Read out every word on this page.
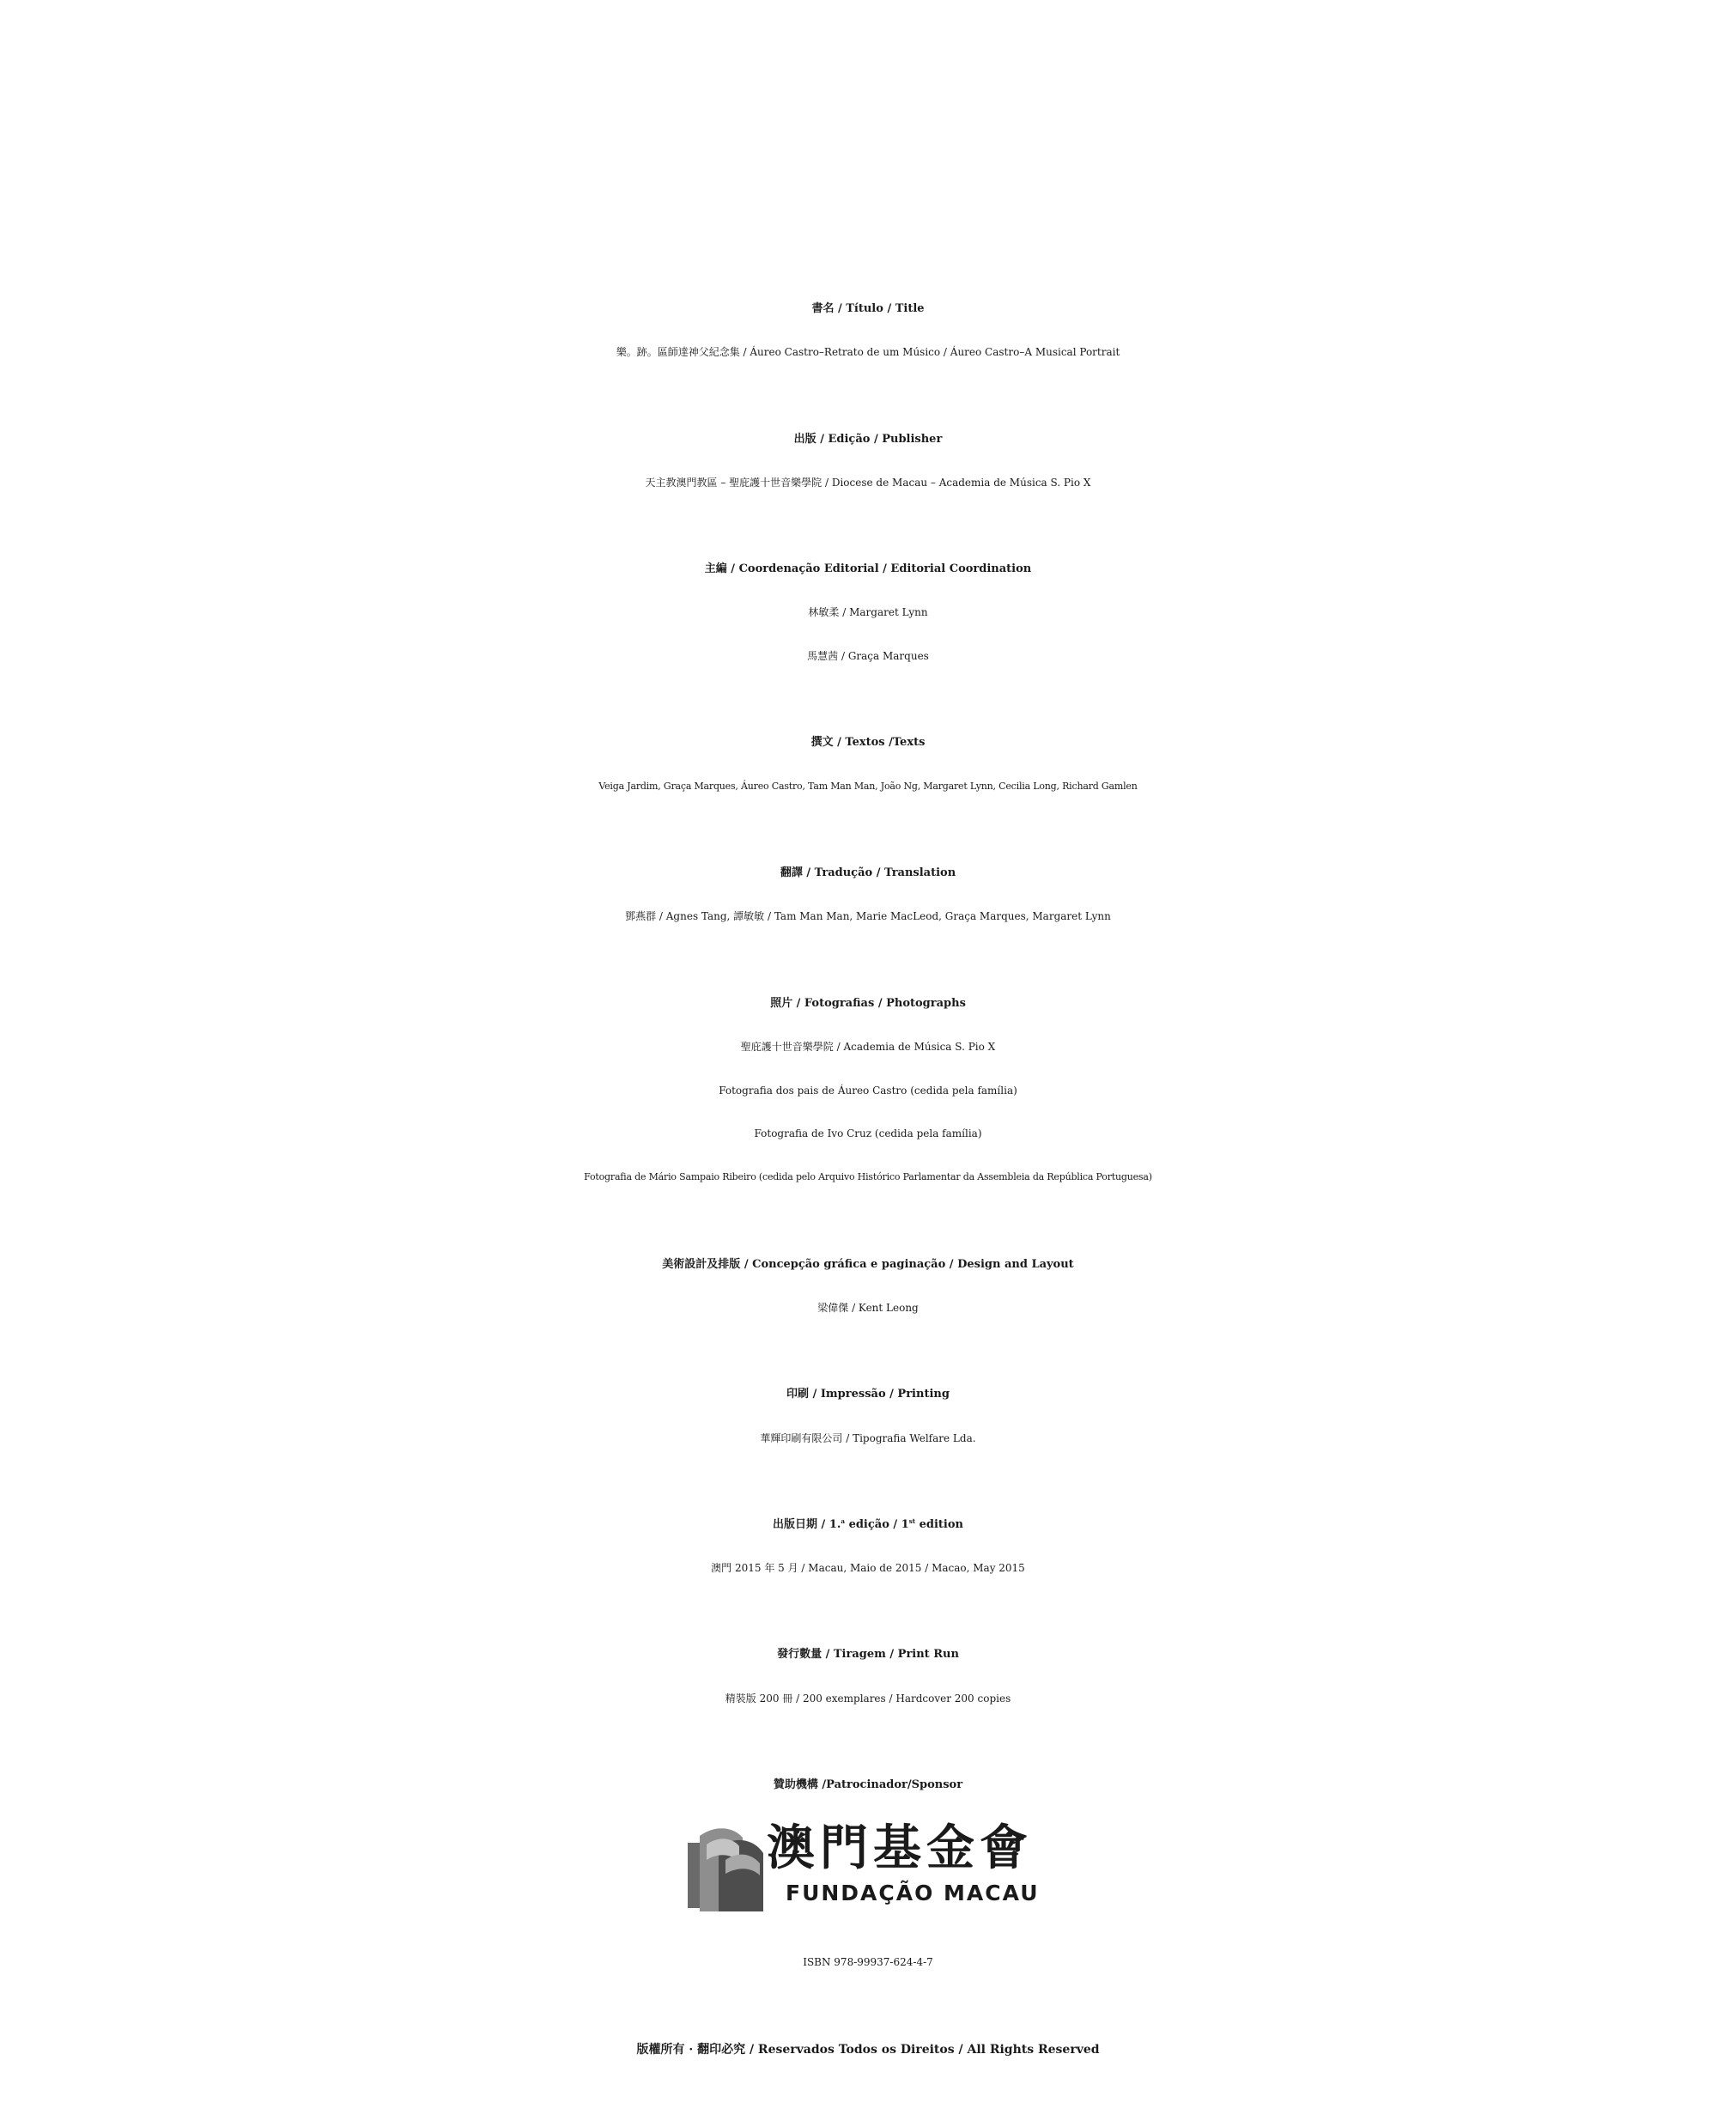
書名 / Título / Title
樂。跡。區師達神父紀念集 / Áureo Castro–Retrato de um Músico / Áureo Castro–A Musical Portrait
出版 / Edição / Publisher
天主教澳門教區 – 聖庇護十世音樂學院 / Diocese de Macau – Academia de Música S. Pio X
主編 / Coordenação Editorial / Editorial Coordination
林敏柔 / Margaret Lynn
馬慧茜 / Graça Marques
撰文 / Textos /Texts
Veiga Jardim, Graça Marques, Áureo Castro, Tam Man Man, João Ng, Margaret Lynn, Cecilia Long, Richard Gamlen
翻譯 / Tradução / Translation
鄧燕群 / Agnes Tang, 譚敏敏 / Tam Man Man, Marie MacLeod, Graça Marques, Margaret Lynn
照片 / Fotografias / Photographs
聖庇護十世音樂學院 / Academia de Música S. Pio X
Fotografia dos pais de Áureo Castro (cedida pela família)
Fotografia de Ivo Cruz (cedida pela família)
Fotografia de Mário Sampaio Ribeiro (cedida pelo Arquivo Histórico Parlamentar da Assembleia da República Portuguesa)
美術設計及排版 / Concepção gráfica e paginação / Design and Layout
梁偉傑 / Kent Leong
印刷 / Impressão / Printing
華輝印刷有限公司 / Tipografia Welfare Lda.
出版日期 / 1.$^a$ edição / 1st edition
澳門 2015 年 5 月 / Macau, Maio de 2015 / Macao, May 2015
發行數量 / Tiragem / Print Run
精裝版 200 冊 / 200 exemplares / Hardcover 200 copies
贊助機構 /Patrocinador/Sponsor
澳門基金會
FUNDAÇÃO MACAU
ISBN 978-99937-624-4-7
版權所有 · 翻印必究 / Reservados Todos os Direitos / All Rights Reserved
